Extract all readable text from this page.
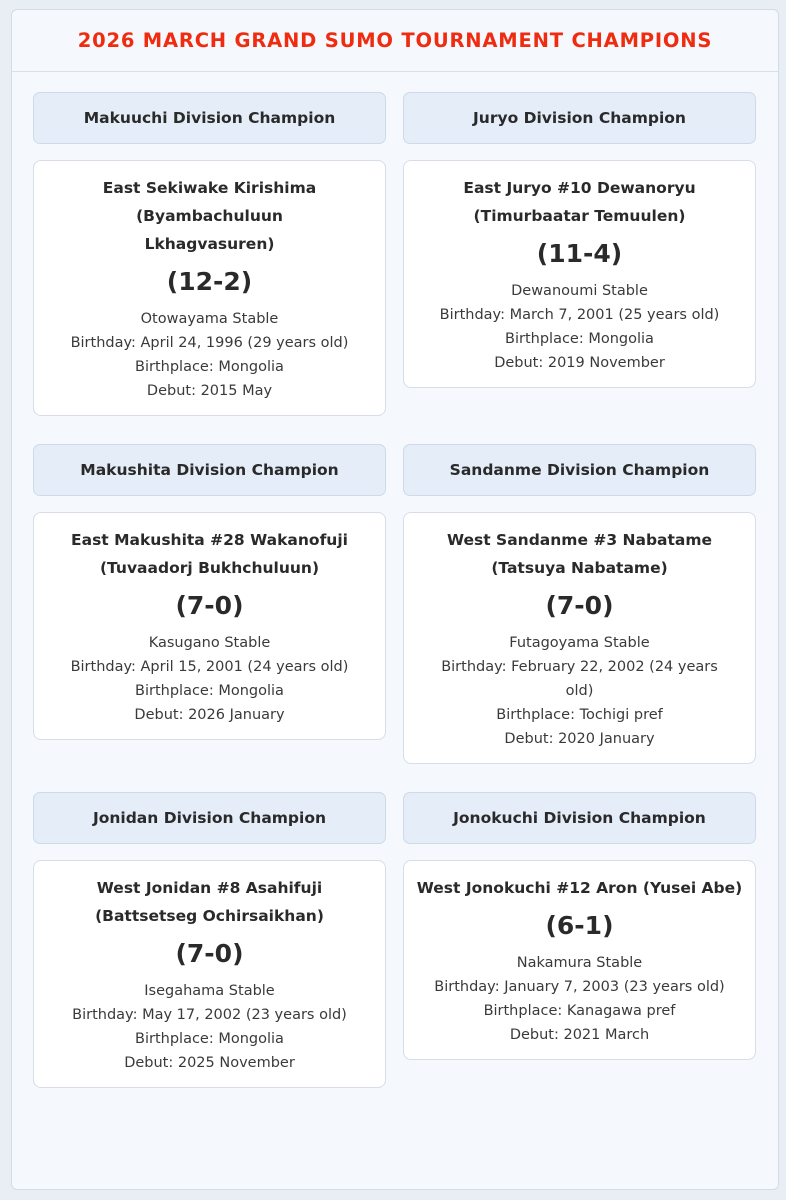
2026 MARCH GRAND SUMO TOURNAMENT CHAMPIONS
Makuuchi Division Champion
East Sekiwake Kirishima (Byambachuluun Lkhagvasuren)
(12-2)
Otowayama Stable
Birthday: April 24, 1996 (29 years old)
Birthplace: Mongolia
Debut: 2015 May
Juryo Division Champion
East Juryo #10 Dewanoryu (Timurbaatar Temuulen)
(11-4)
Dewanoumi Stable
Birthday: March 7, 2001 (25 years old)
Birthplace: Mongolia
Debut: 2019 November
Makushita Division Champion
East Makushita #28 Wakanofuji (Tuvaadorj Bukhchuluun)
(7-0)
Kasugano Stable
Birthday: April 15, 2001 (24 years old)
Birthplace: Mongolia
Debut: 2026 January
Sandanme Division Champion
West Sandanme #3 Nabatame (Tatsuya Nabatame)
(7-0)
Futagoyama Stable
Birthday: February 22, 2002 (24 years old)
Birthplace: Tochigi pref
Debut: 2020 January
Jonidan Division Champion
West Jonidan #8 Asahifuji (Battsetseg Ochirsaikhan)
(7-0)
Isegahama Stable
Birthday: May 17, 2002 (23 years old)
Birthplace: Mongolia
Debut: 2025 November
Jonokuchi Division Champion
West Jonokuchi #12 Aron (Yusei Abe)
(6-1)
Nakamura Stable
Birthday: January 7, 2003 (23 years old)
Birthplace: Kanagawa pref
Debut: 2021 March
